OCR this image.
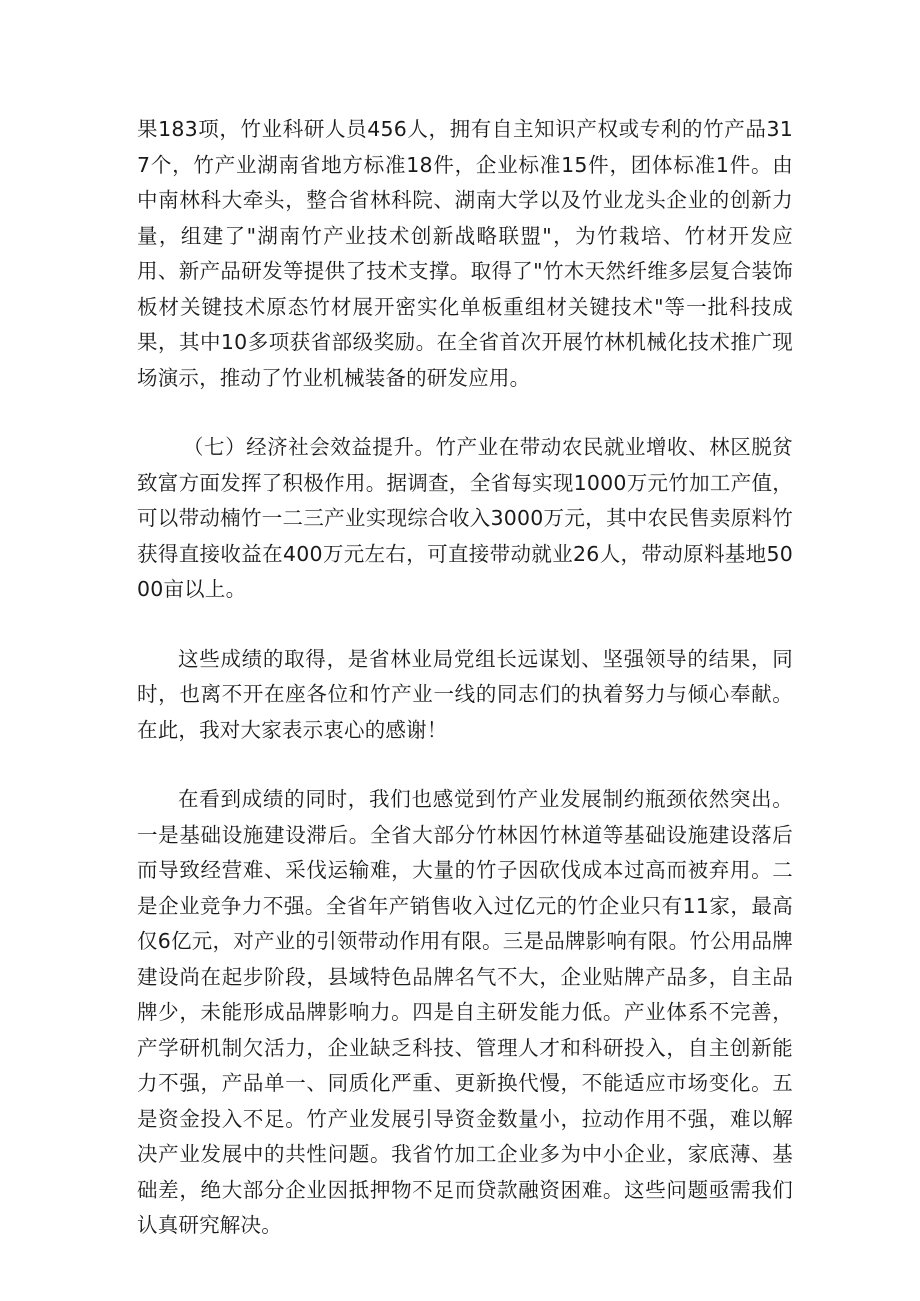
果183项，竹业科研人员456人，拥有自主知识产权或专利的竹产品317个，竹产业湖南省地方标准18件，企业标准15件，团体标准1件。由中南林科大牵头，整合省林科院、湖南大学以及竹业龙头企业的创新力量，组建了"湖南竹产业技术创新战略联盟"，为竹栽培、竹材开发应用、新产品研发等提供了技术支撑。取得了"竹木天然纤维多层复合装饰板材关键技术原态竹材展开密实化单板重组材关键技术"等一批科技成果，其中10多项获省部级奖励。在全省首次开展竹林机械化技术推广现场演示，推动了竹业机械装备的研发应用。

（七）经济社会效益提升。竹产业在带动农民就业增收、林区脱贫致富方面发挥了积极作用。据调查，全省每实现1000万元竹加工产值，可以带动楠竹一二三产业实现综合收入3000万元，其中农民售卖原料竹获得直接收益在400万元左右，可直接带动就业26人，带动原料基地5000亩以上。

这些成绩的取得，是省林业局党组长远谋划、坚强领导的结果，同时，也离不开在座各位和竹产业一线的同志们的执着努力与倾心奉献。在此，我对大家表示衷心的感谢！

在看到成绩的同时，我们也感觉到竹产业发展制约瓶颈依然突出。一是基础设施建设滞后。全省大部分竹林因竹林道等基础设施建设落后而导致经营难、采伐运输难，大量的竹子因砍伐成本过高而被弃用。二是企业竞争力不强。全省年产销售收入过亿元的竹企业只有11家，最高仅6亿元，对产业的引领带动作用有限。三是品牌影响有限。竹公用品牌建设尚在起步阶段，县域特色品牌名气不大，企业贴牌产品多，自主品牌少，未能形成品牌影响力。四是自主研发能力低。产业体系不完善，产学研机制欠活力，企业缺乏科技、管理人才和科研投入，自主创新能力不强，产品单一、同质化严重、更新换代慢，不能适应市场变化。五是资金投入不足。竹产业发展引导资金数量小，拉动作用不强，难以解决产业发展中的共性问题。我省竹加工企业多为中小企业，家底薄、基础差，绝大部分企业因抵押物不足而贷款融资困难。这些问题亟需我们认真研究解决。
